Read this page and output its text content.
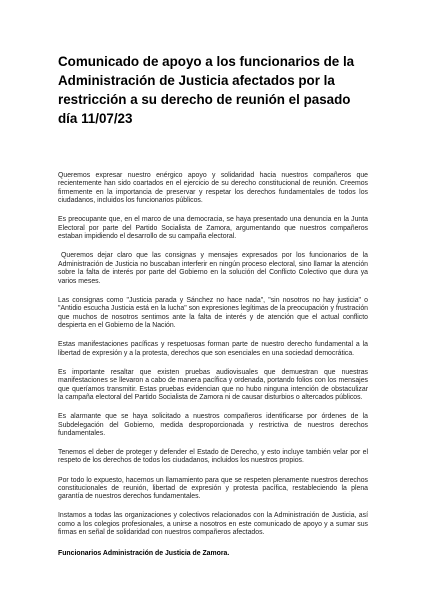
Comunicado de apoyo a los funcionarios de la Administración de Justicia afectados por la restricción a su derecho de reunión el pasado día 11/07/23

Queremos expresar nuestro enérgico apoyo y solidaridad hacia nuestros compañeros que recientemente han sido coartados en el ejercicio de su derecho constitucional de reunión. Creemos firmemente en la importancia de preservar y respetar los derechos fundamentales de todos los ciudadanos, incluidos los funcionarios públicos.

Es preocupante que, en el marco de una democracia, se haya presentado una denuncia en la Junta Electoral por parte del Partido Socialista de Zamora, argumentando que nuestros compañeros estaban impidiendo el desarrollo de su campaña electoral.

Queremos dejar claro que las consignas y mensajes expresados por los funcionarios de la Administración de Justicia no buscaban interferir en ningún proceso electoral, sino llamar la atención sobre la falta de interés por parte del Gobierno en la solución del Conflicto Colectivo que dura ya varios meses.

Las consignas como "Justicia parada y Sánchez no hace nada", "sin nosotros no hay justicia" o "Antidio escucha Justicia está en la lucha" son expresiones legítimas de la preocupación y frustración que muchos de nosotros sentimos ante la falta de interés y de atención que el actual conflicto despierta en el Gobierno de la Nación.

Estas manifestaciones pacíficas y respetuosas forman parte de nuestro derecho fundamental a la libertad de expresión y a la protesta, derechos que son esenciales en una sociedad democrática.

Es importante resaltar que existen pruebas audiovisuales que demuestran que nuestras manifestaciones se llevaron a cabo de manera pacífica y ordenada, portando folios con los mensajes que queríamos transmitir. Estas pruebas evidencian que no hubo ninguna intención de obstaculizar la campaña electoral del Partido Socialista de Zamora ni de causar disturbios o altercados públicos.

Es alarmante que se haya solicitado a nuestros compañeros identificarse por órdenes de la Subdelegación del Gobierno, medida desproporcionada y restrictiva de nuestros derechos fundamentales.

Tenemos el deber de proteger y defender el Estado de Derecho, y esto incluye también velar por el respeto de los derechos de todos los ciudadanos, incluidos los nuestros propios.

Por todo lo expuesto, hacemos un llamamiento para que se respeten plenamente nuestros derechos constitucionales de reunión, libertad de expresión y protesta pacífica, restableciendo la plena garantía de nuestros derechos fundamentales.

Instamos a todas las organizaciones y colectivos relacionados con la Administración de Justicia, así como a los colegios profesionales, a unirse a nosotros en este comunicado de apoyo y a sumar sus firmas en señal de solidaridad con nuestros compañeros afectados.

Funcionarios Administración de Justicia de Zamora.
